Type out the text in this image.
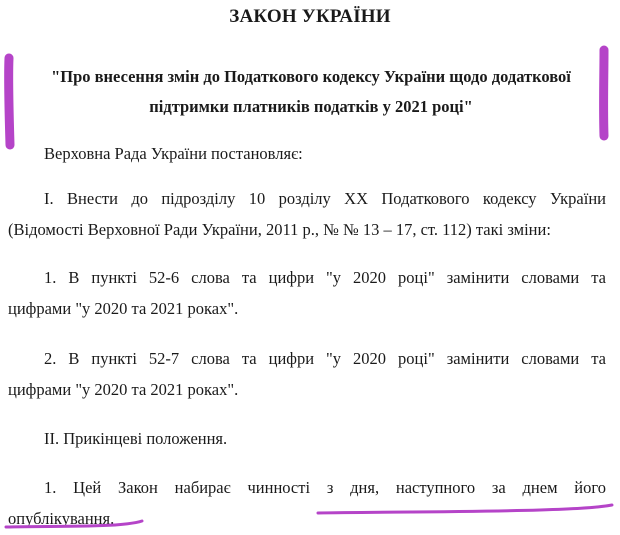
ЗАКОН УКРАЇНИ
"Про внесення змін до Податкового кодексу України щодо додаткової
підтримки платників податків у 2021 році"
Верховна Рада України постановляє:
I. Внести до підрозділу 10 розділу XX Податкового кодексу України
(Відомості Верховної Ради України, 2011 р., № № 13 – 17, ст. 112) такі зміни:
1. В пункті 52-6 слова та цифри "у 2020 році" замінити словами та
цифрами "у 2020 та 2021 роках".
2. В пункті 52-7 слова та цифри "у 2020 році" замінити словами та
цифрами "у 2020 та 2021 роках".
II. Прикінцеві положення.
1. Цей Закон набирає чинності з дня, наступного за днем його
опублікування.
